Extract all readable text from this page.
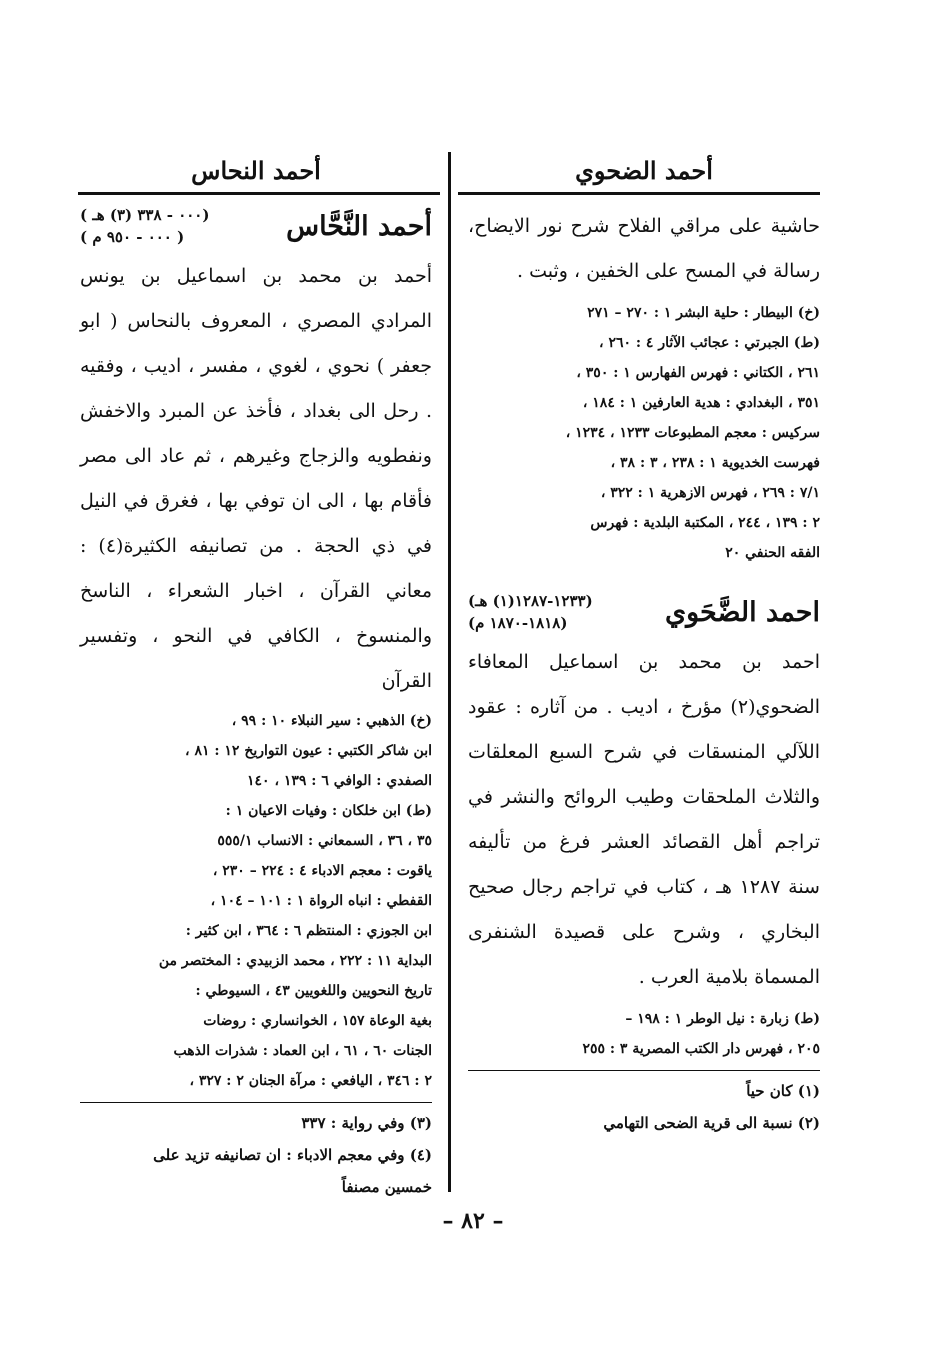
أحمد الضحوي

حاشية على مراقي الفلاح شرح نور الايضاح، رسالة في المسح على الخفين ، وثبت .

(خ) البيطار : حلية البشر ١ : ٢٧٠ – ٢٧١
(ط) الجبرتي : عجائب الآثار ٤ : ٢٦٠ ،
٢٦١ ، الكتاني : فهرس الفهارس ١ : ٣٥٠ ،
٣٥١ ، البغدادي : هدية العارفين ١ : ١٨٤ ،
سركيس : معجم المطبوعات ١٢٣٣ ، ١٢٣٤ ،
فهرست الخديوية ١ : ٢٣٨ ، ٣ : ٣٨ ،
٧/١ : ٢٦٩ ، فهرس الازهرية ١ : ٣٢٢ ،
٢ : ١٣٩ ، ٢٤٤ ، المكتبة البلدية : فهرس
الفقه الحنفي ٢٠
احمد الضَّحَوي
(١٢٣٣-١٢٨٧(١) هـ)
(١٨١٨-١٨٧٠ م)

احمد بن محمد بن اسماعيل المعافاء الضحوي(٢) مؤرخ ، اديب . من آثاره : عقود اللآلي المنسقات في شرح السبع المعلقات والثلاث الملحقات وطيب الروائح والنشر في تراجم أهل القصائد العشر فرغ من تأليفه سنة ١٢٨٧ هـ ، كتاب في تراجم رجال صحيح البخاري ، وشرح على قصيدة الشنفرى المسماة بلامية العرب .

(ط) زبارة : نيل الوطر ١ : ١٩٨ –
٢٠٥ ، فهرس دار الكتب المصرية ٣ : ٢٥٥
(١) كان حياً
(٢) نسبة الى قرية الضحى التهامي
أحمد النحاس
أحمد النَّحَّاس
( ٠٠٠ - ٣٣٨ (٣) هـ)
( ٠٠٠ - ٩٥٠ م )

أحمد بن محمد بن اسماعيل بن يونس المرادي المصري ، المعروف بالنحاس ( ابو جعفر ) نحوي ، لغوي ، مفسر ، اديب ، وفقيه . رحل الى بغداد ، فأخذ عن المبرد والاخفش ونفطويه والزجاج وغيرهم ، ثم عاد الى مصر فأقام بها ، الى ان توفي بها ، فغرق في النيل في ذي الحجة . من تصانيفه الكثيرة(٤) : معاني القرآن ، اخبار الشعراء ، الناسخ والمنسوخ ، الكافي في النحو ، وتفسير القرآن

(خ) الذهبي : سير النبلاء ١٠ : ٩٩ ،
ابن شاكر الكتبي : عيون التواريخ ١٢ : ٨١ ،
الصفدي : الوافي ٦ : ١٣٩ ، ١٤٠
(ط) ابن خلكان : وفيات الاعيان ١ :
٣٥ ، ٣٦ ، السمعاني : الانساب ٥٥٥/١
ياقوت : معجم الادباء ٤ : ٢٢٤ – ٢٣٠ ،
القفطي : انباه الرواة ١ : ١٠١ – ١٠٤ ،
ابن الجوزي : المنتظم ٦ : ٣٦٤ ، ابن كثير :
البداية ١١ : ٢٢٢ ، محمد الزبيدي : المختصر من
تاريخ النحويين واللغويين ٤٣ ، السيوطي :
بغية الوعاة ١٥٧ ، الخوانساري : روضات
الجنات ٦٠ ، ٦١ ، ابن العماد : شذرات الذهب
٢ : ٣٤٦ ، اليافعي : مرآة الجنان ٢ : ٣٢٧ ،
(٣) وفي رواية : ٣٣٧
(٤) وفي معجم الادباء : ان تصانيفه تزيد على
خمسين مصنفاً
– ٨٢ –
